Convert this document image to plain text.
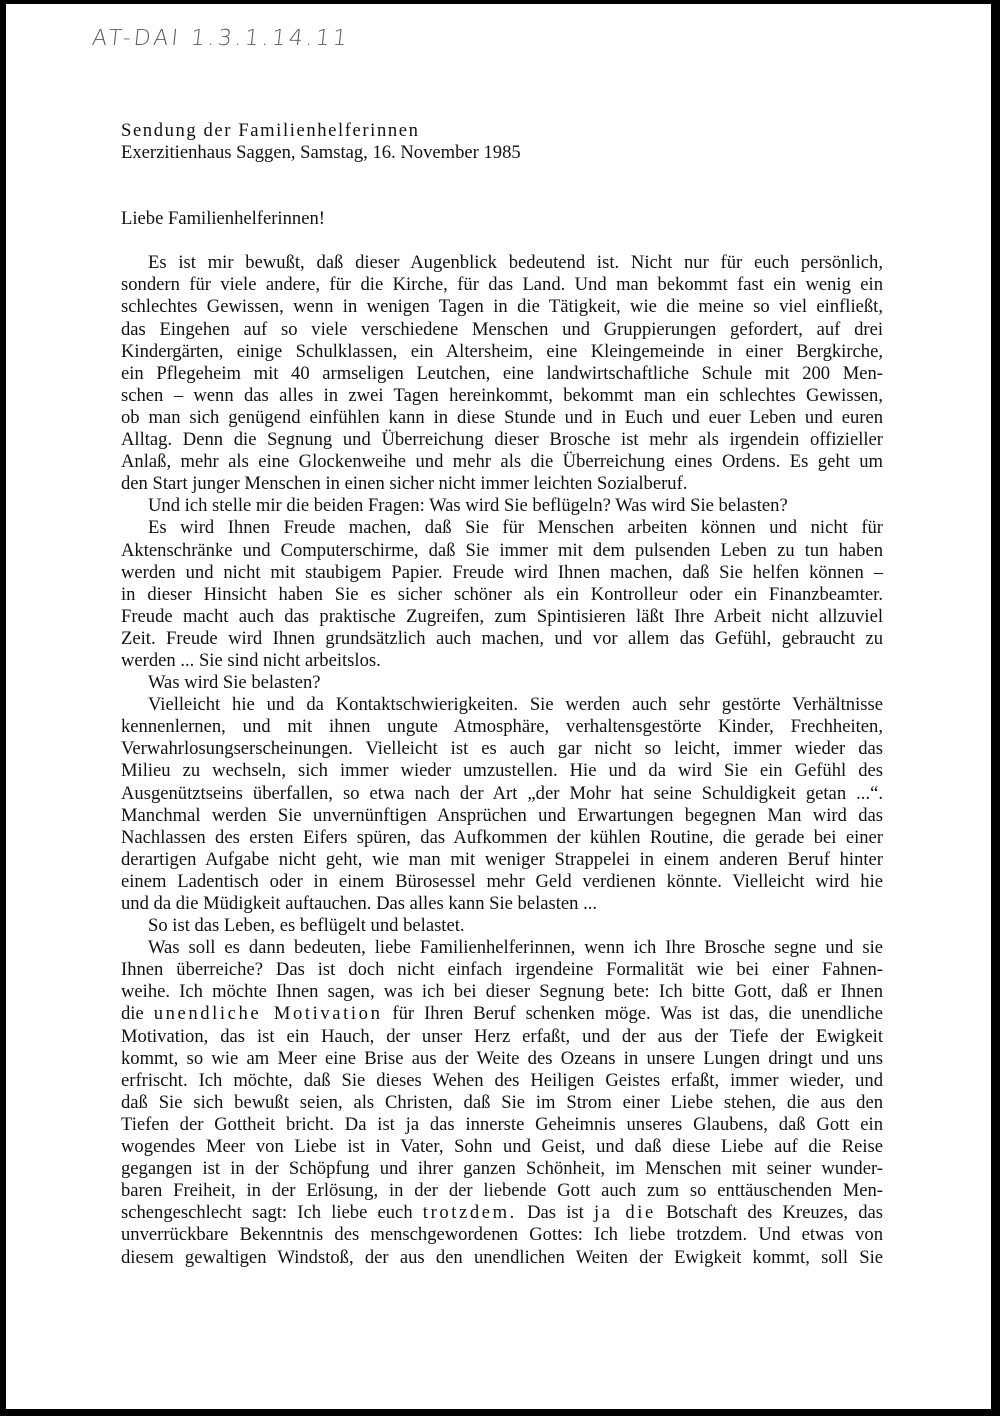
AT-DAI 1.3.1.14.11

Sendung der Familienhelferinnen

Exerzitienhaus Saggen, Samstag, 16. November 1985

Liebe Familienhelferinnen!

Es ist mir bewußt, daß dieser Augenblick bedeutend ist. Nicht nur für euch persönlich,

sondern für viele andere, für die Kirche, für das Land. Und man bekommt fast ein wenig ein

schlechtes Gewissen, wenn in wenigen Tagen in die Tätigkeit, wie die meine so viel einfließt,

das Eingehen auf so viele verschiedene Menschen und Gruppierungen gefordert, auf drei

Kindergärten, einige Schulklassen, ein Altersheim, eine Kleingemeinde in einer Bergkirche,

ein Pflegeheim mit 40 armseligen Leutchen, eine landwirtschaftliche Schule mit 200 Men-

schen – wenn das alles in zwei Tagen hereinkommt, bekommt man ein schlechtes Gewissen,

ob man sich genügend einfühlen kann in diese Stunde und in Euch und euer Leben und euren

Alltag. Denn die Segnung und Überreichung dieser Brosche ist mehr als irgendein offizieller

Anlaß, mehr als eine Glockenweihe und mehr als die Überreichung eines Ordens. Es geht um

den Start junger Menschen in einen sicher nicht immer leichten Sozialberuf.

Und ich stelle mir die beiden Fragen: Was wird Sie beflügeln? Was wird Sie belasten?

Es wird Ihnen Freude machen, daß Sie für Menschen arbeiten können und nicht für

Aktenschränke und Computerschirme, daß Sie immer mit dem pulsenden Leben zu tun haben

werden und nicht mit staubigem Papier. Freude wird Ihnen machen, daß Sie helfen können –

in dieser Hinsicht haben Sie es sicher schöner als ein Kontrolleur oder ein Finanzbeamter.

Freude macht auch das praktische Zugreifen, zum Spintisieren läßt Ihre Arbeit nicht allzuviel

Zeit. Freude wird Ihnen grundsätzlich auch machen, und vor allem das Gefühl, gebraucht zu

werden ... Sie sind nicht arbeitslos.

Was wird Sie belasten?

Vielleicht hie und da Kontaktschwierigkeiten. Sie werden auch sehr gestörte Verhältnisse

kennenlernen, und mit ihnen ungute Atmosphäre, verhaltensgestörte Kinder, Frechheiten,

Verwahrlosungserscheinungen. Vielleicht ist es auch gar nicht so leicht, immer wieder das

Milieu zu wechseln, sich immer wieder umzustellen. Hie und da wird Sie ein Gefühl des

Ausgenütztseins überfallen, so etwa nach der Art „der Mohr hat seine Schuldigkeit getan ...“.

Manchmal werden Sie unvernünftigen Ansprüchen und Erwartungen begegnen Man wird das

Nachlassen des ersten Eifers spüren, das Aufkommen der kühlen Routine, die gerade bei einer

derartigen Aufgabe nicht geht, wie man mit weniger Strappelei in einem anderen Beruf hinter

einem Ladentisch oder in einem Bürosessel mehr Geld verdienen könnte. Vielleicht wird hie

und da die Müdigkeit auftauchen. Das alles kann Sie belasten ...

So ist das Leben, es beflügelt und belastet.

Was soll es dann bedeuten, liebe Familienhelferinnen, wenn ich Ihre Brosche segne und sie

Ihnen überreiche? Das ist doch nicht einfach irgendeine Formalität wie bei einer Fahnen-

weihe. Ich möchte Ihnen sagen, was ich bei dieser Segnung bete: Ich bitte Gott, daß er Ihnen

die unendliche Motivation für Ihren Beruf schenken möge. Was ist das, die unendliche

Motivation, das ist ein Hauch, der unser Herz erfaßt, und der aus der Tiefe der Ewigkeit

kommt, so wie am Meer eine Brise aus der Weite des Ozeans in unsere Lungen dringt und uns

erfrischt. Ich möchte, daß Sie dieses Wehen des Heiligen Geistes erfaßt, immer wieder, und

daß Sie sich bewußt seien, als Christen, daß Sie im Strom einer Liebe stehen, die aus den

Tiefen der Gottheit bricht. Da ist ja das innerste Geheimnis unseres Glaubens, daß Gott ein

wogendes Meer von Liebe ist in Vater, Sohn und Geist, und daß diese Liebe auf die Reise

gegangen ist in der Schöpfung und ihrer ganzen Schönheit, im Menschen mit seiner wunder-

baren Freiheit, in der Erlösung, in der der liebende Gott auch zum so enttäuschenden Men-

schengeschlecht sagt: Ich liebe euch trotzdem. Das ist ja die Botschaft des Kreuzes, das

unverrückbare Bekenntnis des menschgewordenen Gottes: Ich liebe trotzdem. Und etwas von

diesem gewaltigen Windstoß, der aus den unendlichen Weiten der Ewigkeit kommt, soll Sie
